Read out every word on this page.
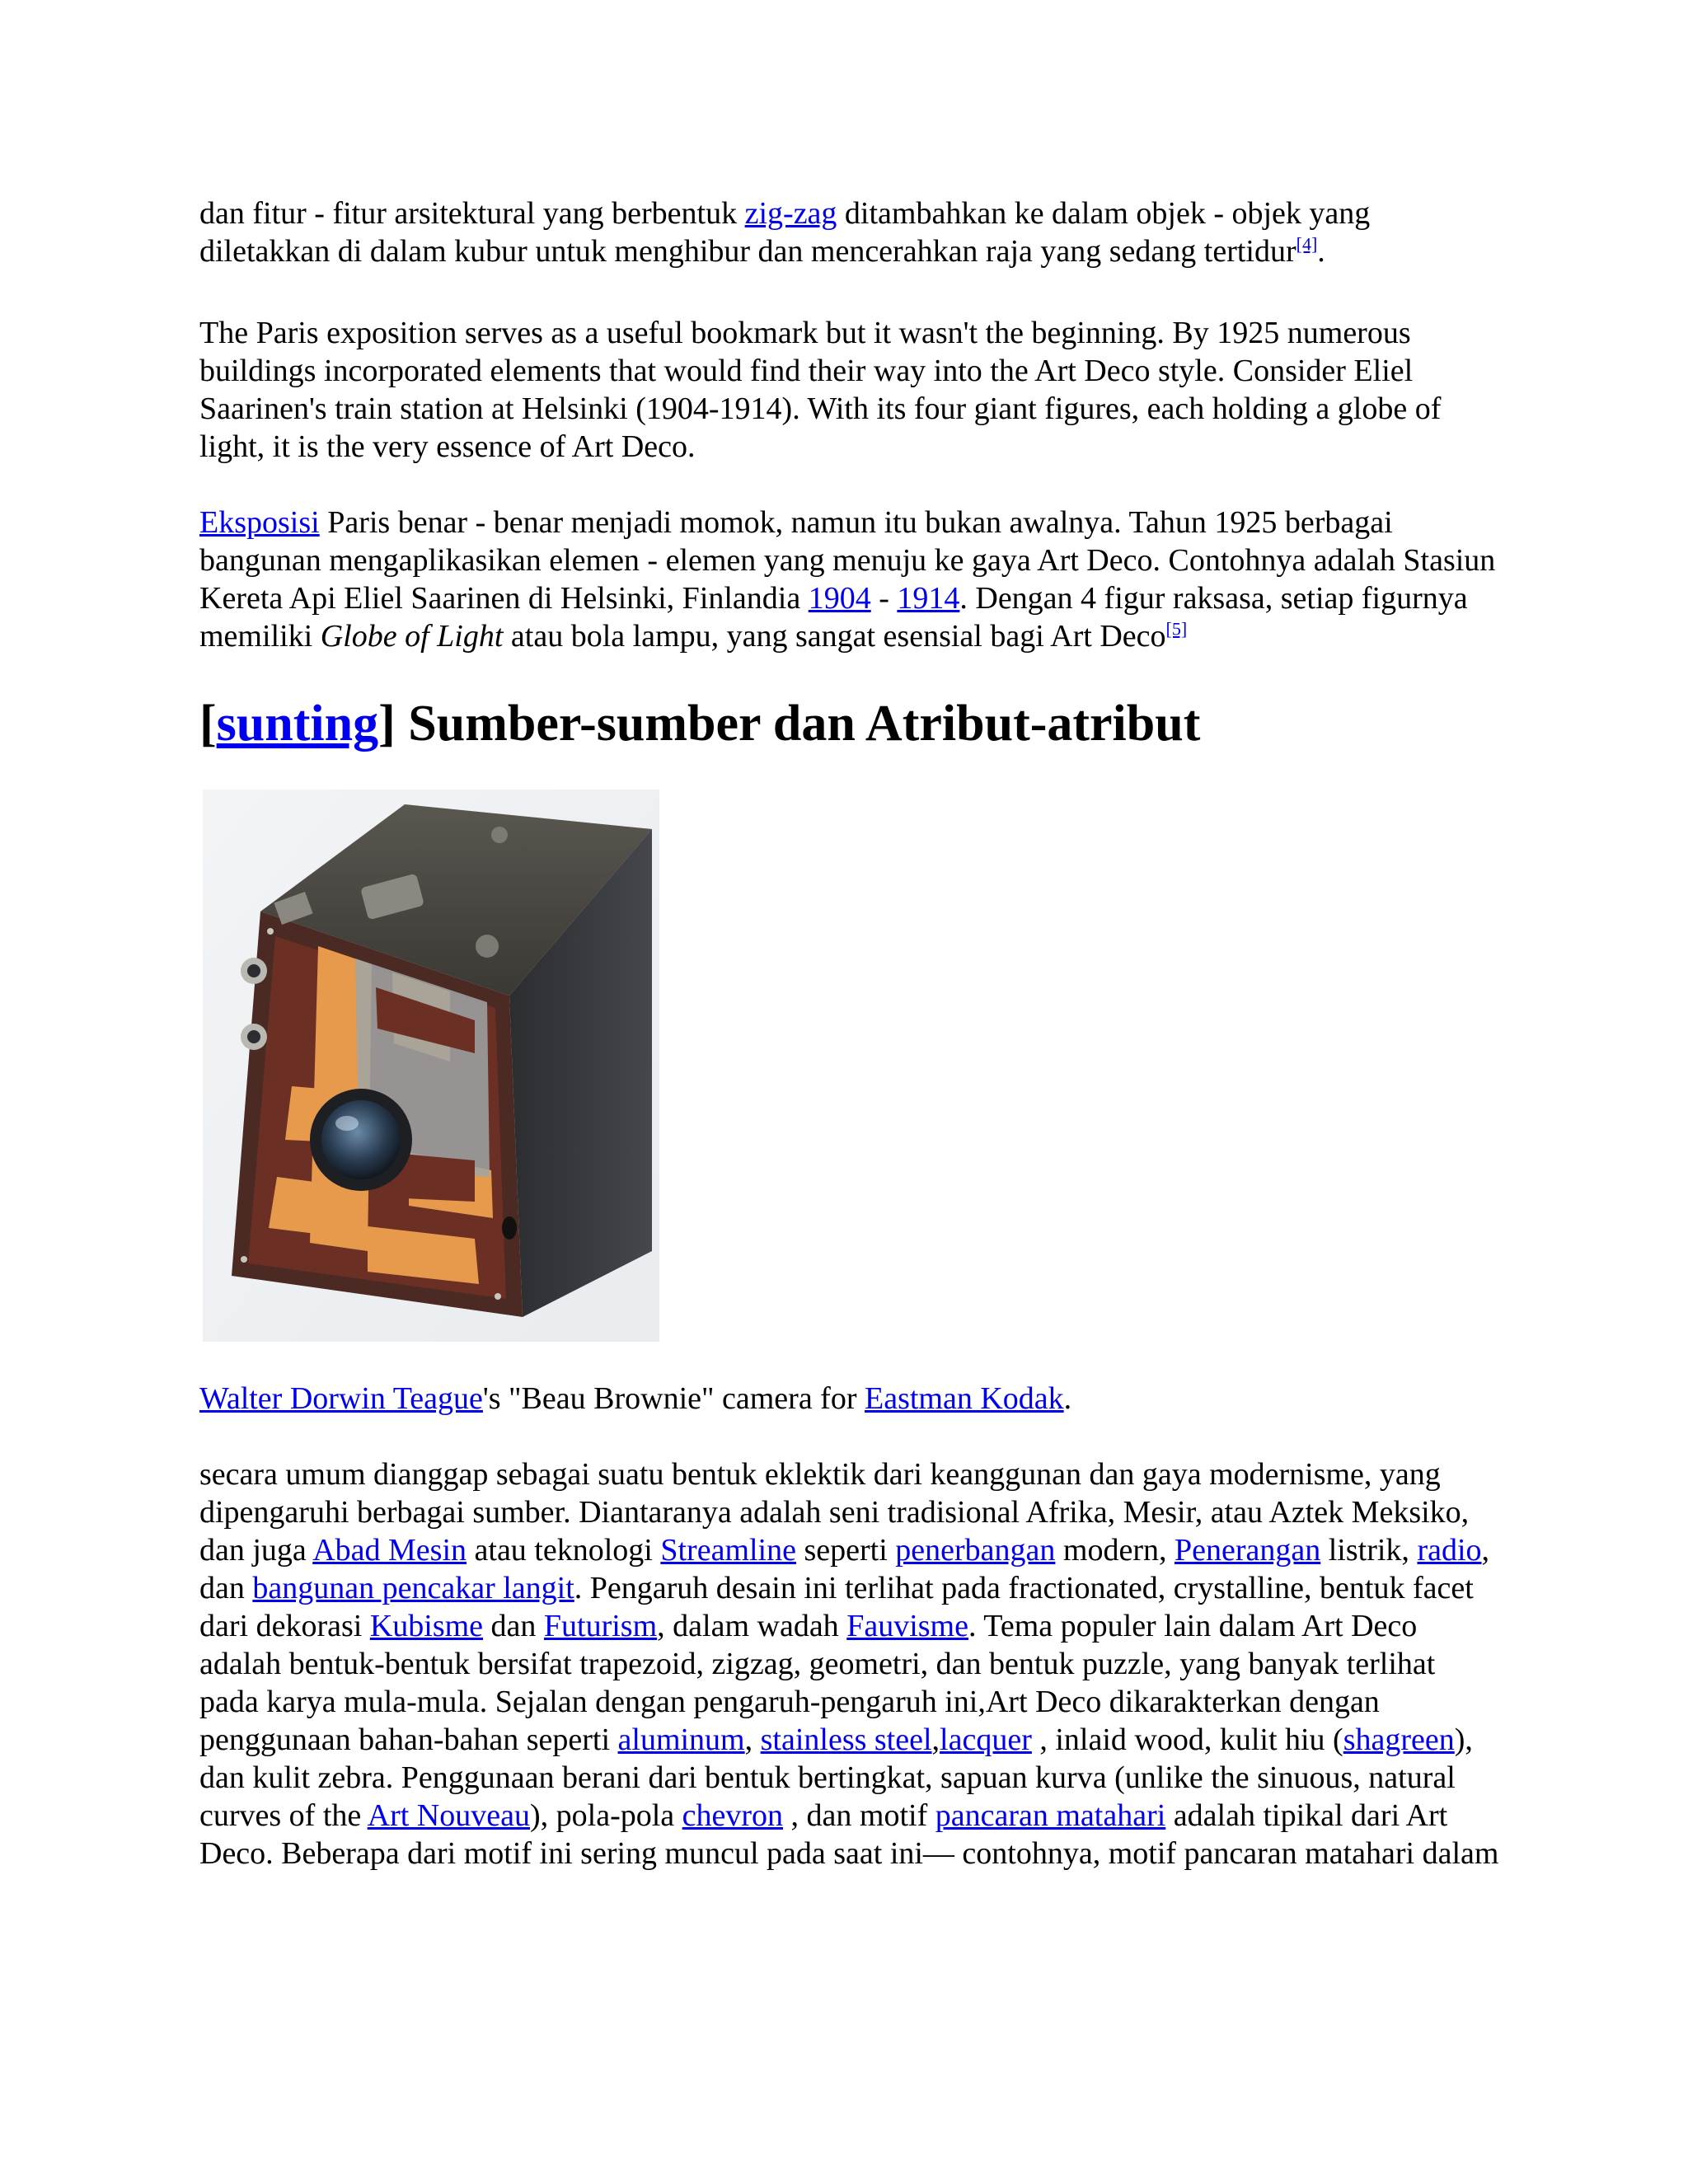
dan fitur - fitur arsitektural yang berbentuk zig-zag ditambahkan ke dalam objek - objek yang diletakkan di dalam kubur untuk menghibur dan mencerahkan raja yang sedang tertidur[4].

The Paris exposition serves as a useful bookmark but it wasn't the beginning. By 1925 numerous buildings incorporated elements that would find their way into the Art Deco style. Consider Eliel Saarinen's train station at Helsinki (1904-1914). With its four giant figures, each holding a globe of light, it is the very essence of Art Deco.

Eksposisi Paris benar - benar menjadi momok, namun itu bukan awalnya. Tahun 1925 berbagai bangunan mengaplikasikan elemen - elemen yang menuju ke gaya Art Deco. Contohnya adalah Stasiun Kereta Api Eliel Saarinen di Helsinki, Finlandia 1904 - 1914. Dengan 4 figur raksasa, setiap figurnya memiliki Globe of Light atau bola lampu, yang sangat esensial bagi Art Deco[5]

[sunting] Sumber-sumber dan Atribut-atribut

Walter Dorwin Teague's "Beau Brownie" camera for Eastman Kodak.

secara umum dianggap sebagai suatu bentuk eklektik dari keanggunan dan gaya modernisme, yang dipengaruhi berbagai sumber. Diantaranya adalah seni tradisional Afrika, Mesir, atau Aztek Meksiko, dan juga Abad Mesin atau teknologi Streamline seperti penerbangan modern, Penerangan listrik, radio, dan bangunan pencakar langit. Pengaruh desain ini terlihat pada fractionated, crystalline, bentuk facet dari dekorasi Kubisme dan Futurism, dalam wadah Fauvisme. Tema populer lain dalam Art Deco adalah bentuk-bentuk bersifat trapezoid, zigzag, geometri, dan bentuk puzzle, yang banyak terlihat pada karya mula-mula. Sejalan dengan pengaruh-pengaruh ini,Art Deco dikarakterkan dengan penggunaan bahan-bahan seperti aluminum, stainless steel,lacquer , inlaid wood, kulit hiu (shagreen), dan kulit zebra. Penggunaan berani dari bentuk bertingkat, sapuan kurva (unlike the sinuous, natural curves of the Art Nouveau), pola-pola chevron , dan motif pancaran matahari adalah tipikal dari Art Deco. Beberapa dari motif ini sering muncul pada saat ini— contohnya, motif pancaran matahari dalam
